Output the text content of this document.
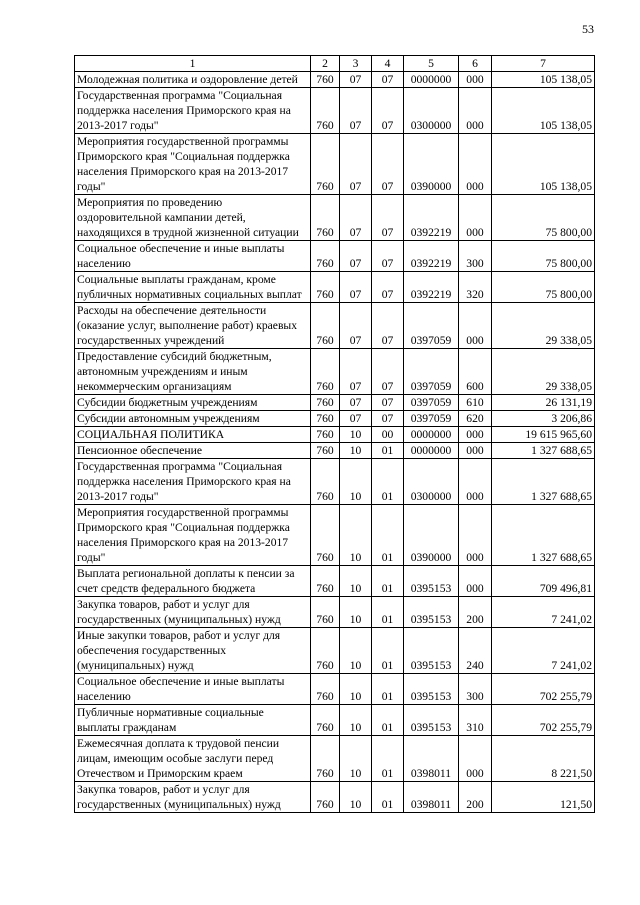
53
1	2	3	4	5	6	7
Молодежная политика и оздоровление детей	760	07	07	0000000	000	105 138,05
Государственная программа "Социальная поддержка населения Приморского края на 2013-2017 годы"	760	07	07	0300000	000	105 138,05
Мероприятия государственной программы Приморского края "Социальная поддержка населения Приморского края на 2013-2017 годы"	760	07	07	0390000	000	105 138,05
Мероприятия по проведению оздоровительной кампании детей, находящихся в трудной жизненной ситуации	760	07	07	0392219	000	75 800,00
Социальное обеспечение и иные выплаты населению	760	07	07	0392219	300	75 800,00
Социальные выплаты гражданам, кроме публичных нормативных социальных выплат	760	07	07	0392219	320	75 800,00
Расходы на обеспечение деятельности (оказание услуг, выполнение работ) краевых государственных учреждений	760	07	07	0397059	000	29 338,05
Предоставление субсидий бюджетным, автономным учреждениям и иным некоммерческим организациям	760	07	07	0397059	600	29 338,05
Субсидии бюджетным учреждениям	760	07	07	0397059	610	26 131,19
Субсидии автономным учреждениям	760	07	07	0397059	620	3 206,86
СОЦИАЛЬНАЯ ПОЛИТИКА	760	10	00	0000000	000	19 615 965,60
Пенсионное обеспечение	760	10	01	0000000	000	1 327 688,65
Государственная программа "Социальная поддержка населения Приморского края на 2013-2017 годы"	760	10	01	0300000	000	1 327 688,65
Мероприятия государственной программы Приморского края "Социальная поддержка населения Приморского края на 2013-2017 годы"	760	10	01	0390000	000	1 327 688,65
Выплата региональной доплаты к пенсии за счет средств федерального бюджета	760	10	01	0395153	000	709 496,81
Закупка товаров, работ и услуг для государственных (муниципальных) нужд	760	10	01	0395153	200	7 241,02
Иные закупки товаров, работ и услуг для обеспечения государственных (муниципальных) нужд	760	10	01	0395153	240	7 241,02
Социальное обеспечение и иные выплаты населению	760	10	01	0395153	300	702 255,79
Публичные нормативные социальные выплаты гражданам	760	10	01	0395153	310	702 255,79
Ежемесячная доплата к трудовой пенсии лицам, имеющим особые заслуги перед Отечеством и Приморским краем	760	10	01	0398011	000	8 221,50
Закупка товаров, работ и услуг для государственных (муниципальных) нужд	760	10	01	0398011	200	121,50
